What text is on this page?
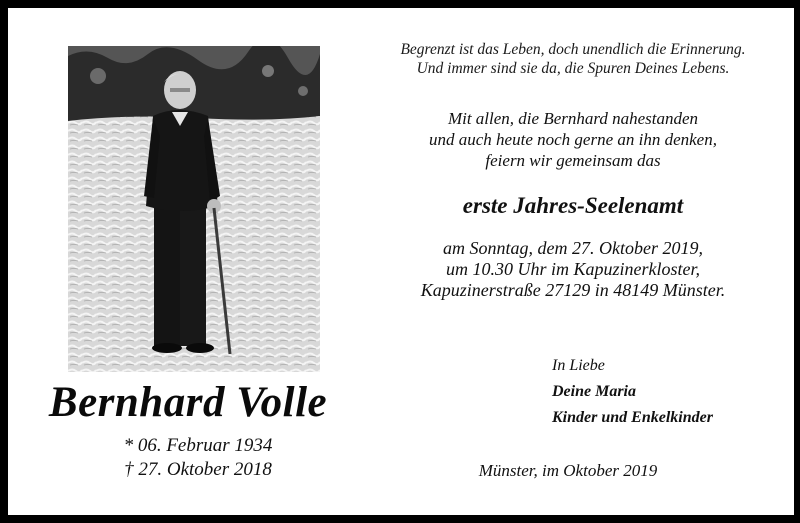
Bernhard Volle
* 06. Februar 1934
† 27. Oktober 2018
Begrenzt ist das Leben, doch unendlich die Erinnerung.
Und immer sind sie da, die Spuren Deines Lebens.
Mit allen, die Bernhard nahestanden
und auch heute noch gerne an ihn denken,
feiern wir gemeinsam das
erste Jahres-Seelenamt
am Sonntag, dem 27. Oktober 2019,
um 10.30 Uhr im Kapuzinerkloster,
Kapuzinerstraße 27129 in 48149 Münster.
In Liebe
Deine Maria
Kinder und Enkelkinder
Münster, im Oktober 2019
